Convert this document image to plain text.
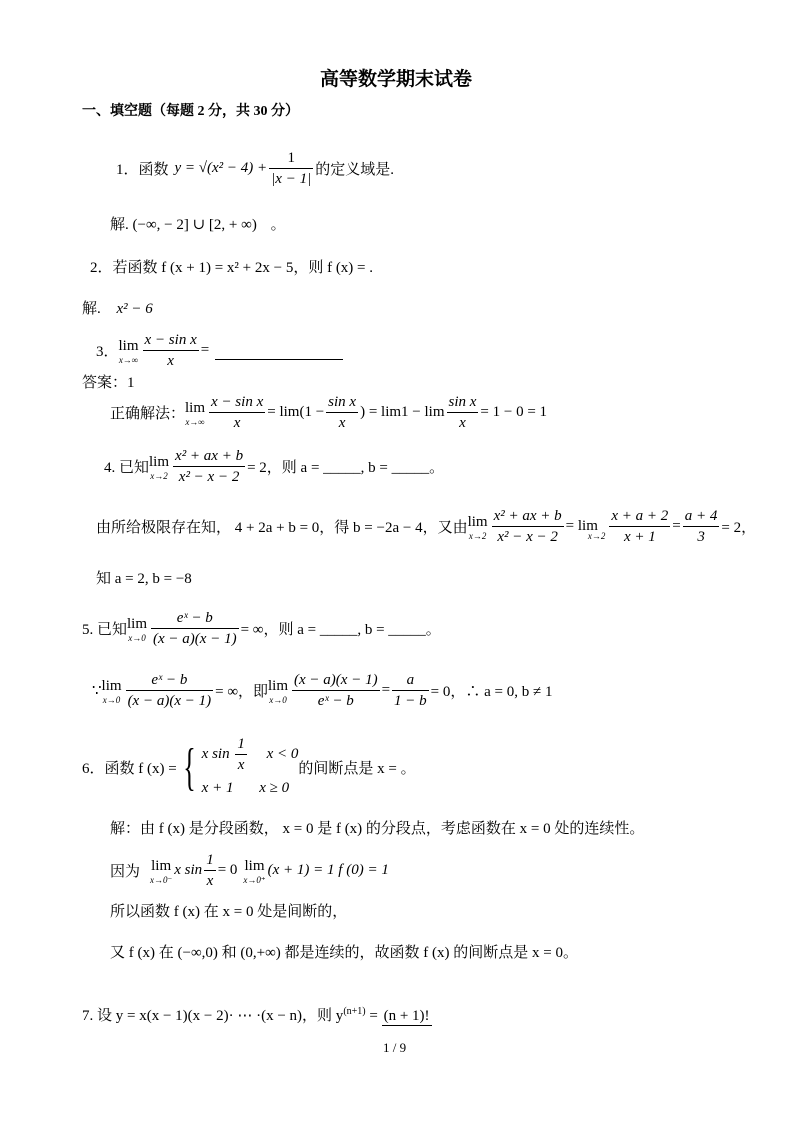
高等数学期末试卷
一、填空题（每题 2 分，共 30 分）
1．函数 $y = √(x^2 - 4) + \frac{1}{|x - 1|}$ 的定义域是.
解. (−∞, − 2] ∪ [2, + ∞) 。
2．若函数 f (x + 1) = x² + 2x − 5，则 f (x) = .
解. x² − 6
3． lim
$x\to\infty \frac{\text{x − sin x}}{x}$ =
答案：1
正确解法： lim
$x\to\infty \frac{\text{x − sin x}}{x} = \lim(1 - \frac{\text{sin x}}{x}$ ) = $\lim 1 - \lim \frac{\text{sin x}}{x} = 1 - 0 = 1$
4. 已知 lim
$x\to 2 \frac{\text{x² + ax + b}}{\text{x² − x − 2}} = 2$，则 a = _____, b = _____。
由所给极限存在知， 4 + 2a + b = 0，得 b = −2a − 4，又由 lim
$x\to 2 \frac{\text{x² + ax + b}}{\text{x² − x − 2}} = \lim$

$x\to 2 \frac{x + a + 2}{x + 1} = \frac{a + 4}{3} = 2$，
知 a = 2, b = −8
5. 已知 lim
$x\to 0 \frac{\text{eˣ − b}}{(x - a)(x - 1)}$ = ∞，则 a = _____, b = _____。
∵ lim
$x\to 0 \frac{\text{eˣ − b}}{(x - a)(x - 1)}$ = ∞，即 lim
$x\to 0 \frac{(x - a)(x - 1)}{\text{eˣ − b}} = \frac{a}{1 - b} = 0$，∴ a = 0, b ≠ 1
6．函数 f (x) = { x $\sin \frac{1}{x}$ x < 0
x + 1 x ≥ 0
的间断点是 x = 。
解：由 f (x) 是分段函数， x = 0 是 f (x) 的分段点，考虑函数在 x = 0 处的连续性。
因为 lim
x→0⁻
x $\sin \frac{1}{x} = 0$ lim
x→0⁺
(x + 1) = 1 f (0) = 1
所以函数 f (x) 在 x = 0 处是间断的，
又 f (x) 在 (−∞,0) 和 (0,+∞) 都是连续的，故函数 f (x) 的间断点是 x = 0。
7. 设 y = x(x − 1)(x − 2)· ⋯ ·(x − n)，则 $y^{(n+1)} = (n + 1)$!
1 / 9
